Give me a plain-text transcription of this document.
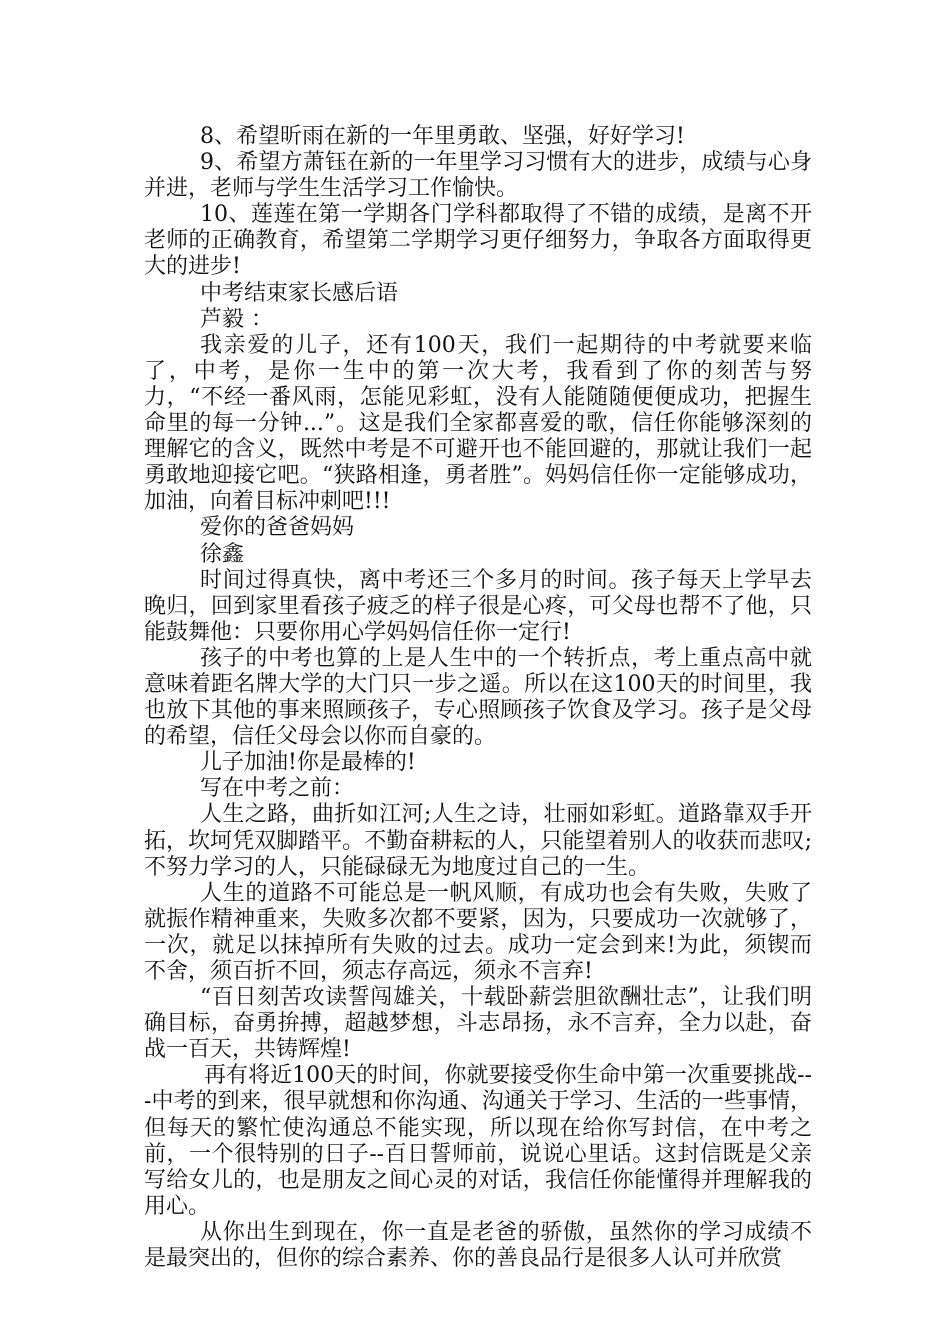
8、希望昕雨在新的一年里勇敢、坚强，好好学习!

9、希望方萧钰在新的一年里学习习惯有大的进步，成绩与心身并进，老师与学生生活学习工作愉快。

10、莲莲在第一学期各门学科都取得了不错的成绩，是离不开老师的正确教育，希望第二学期学习更仔细努力，争取各方面取得更大的进步!

中考结束家长感后语

芦毅 ：

我亲爱的儿子，还有100天，我们一起期待的中考就要来临了，中考，是你一生中的第一次大考，我看到了你的刻苦与努力，“不经一番风雨，怎能见彩虹，没有人能随随便便成功，把握生命里的每一分钟...”。这是我们全家都喜爱的歌，信任你能够深刻的理解它的含义，既然中考是不可避开也不能回避的，那就让我们一起勇敢地迎接它吧。“狭路相逢，勇者胜”。妈妈信任你一定能够成功，加油，向着目标冲刺吧!!!

爱你的爸爸妈妈

徐鑫

时间过得真快，离中考还三个多月的时间。孩子每天上学早去晚归，回到家里看孩子疲乏的样子很是心疼，可父母也帮不了他，只能鼓舞他：只要你用心学妈妈信任你一定行!

孩子的中考也算的上是人生中的一个转折点，考上重点高中就意味着距名牌大学的大门只一步之遥。所以在这100天的时间里，我也放下其他的事来照顾孩子，专心照顾孩子饮食及学习。孩子是父母的希望，信任父母会以你而自豪的。

儿子加油!你是最棒的!

写在中考之前：

人生之路，曲折如江河;人生之诗，壮丽如彩虹。道路靠双手开拓，坎坷凭双脚踏平。不勤奋耕耘的人，只能望着别人的收获而悲叹;不努力学习的人，只能碌碌无为地度过自己的一生。

人生的道路不可能总是一帆风顺，有成功也会有失败，失败了就振作精神重来，失败多次都不要紧，因为，只要成功一次就够了，一次，就足以抹掉所有失败的过去。成功一定会到来!为此，须锲而不舍，须百折不回，须志存高远，须永不言弃!

“百日刻苦攻读誓闯雄关，十载卧薪尝胆欲酬壮志”，让我们明确目标，奋勇拚搏，超越梦想，斗志昂扬，永不言弃，全力以赴，奋战一百天，共铸辉煌!

再有将近100天的时间，你就要接受你生命中第一次重要挑战---中考的到来，很早就想和你沟通、沟通关于学习、生活的一些事情，但每天的繁忙使沟通总不能实现，所以现在给你写封信，在中考之前，一个很特别的日子--百日誓师前，说说心里话。这封信既是父亲写给女儿的，也是朋友之间心灵的对话，我信任你能懂得并理解我的用心。

从你出生到现在，你一直是老爸的骄傲，虽然你的学习成绩不是最突出的，但你的综合素养、你的善良品行是很多人认可并欣赏
